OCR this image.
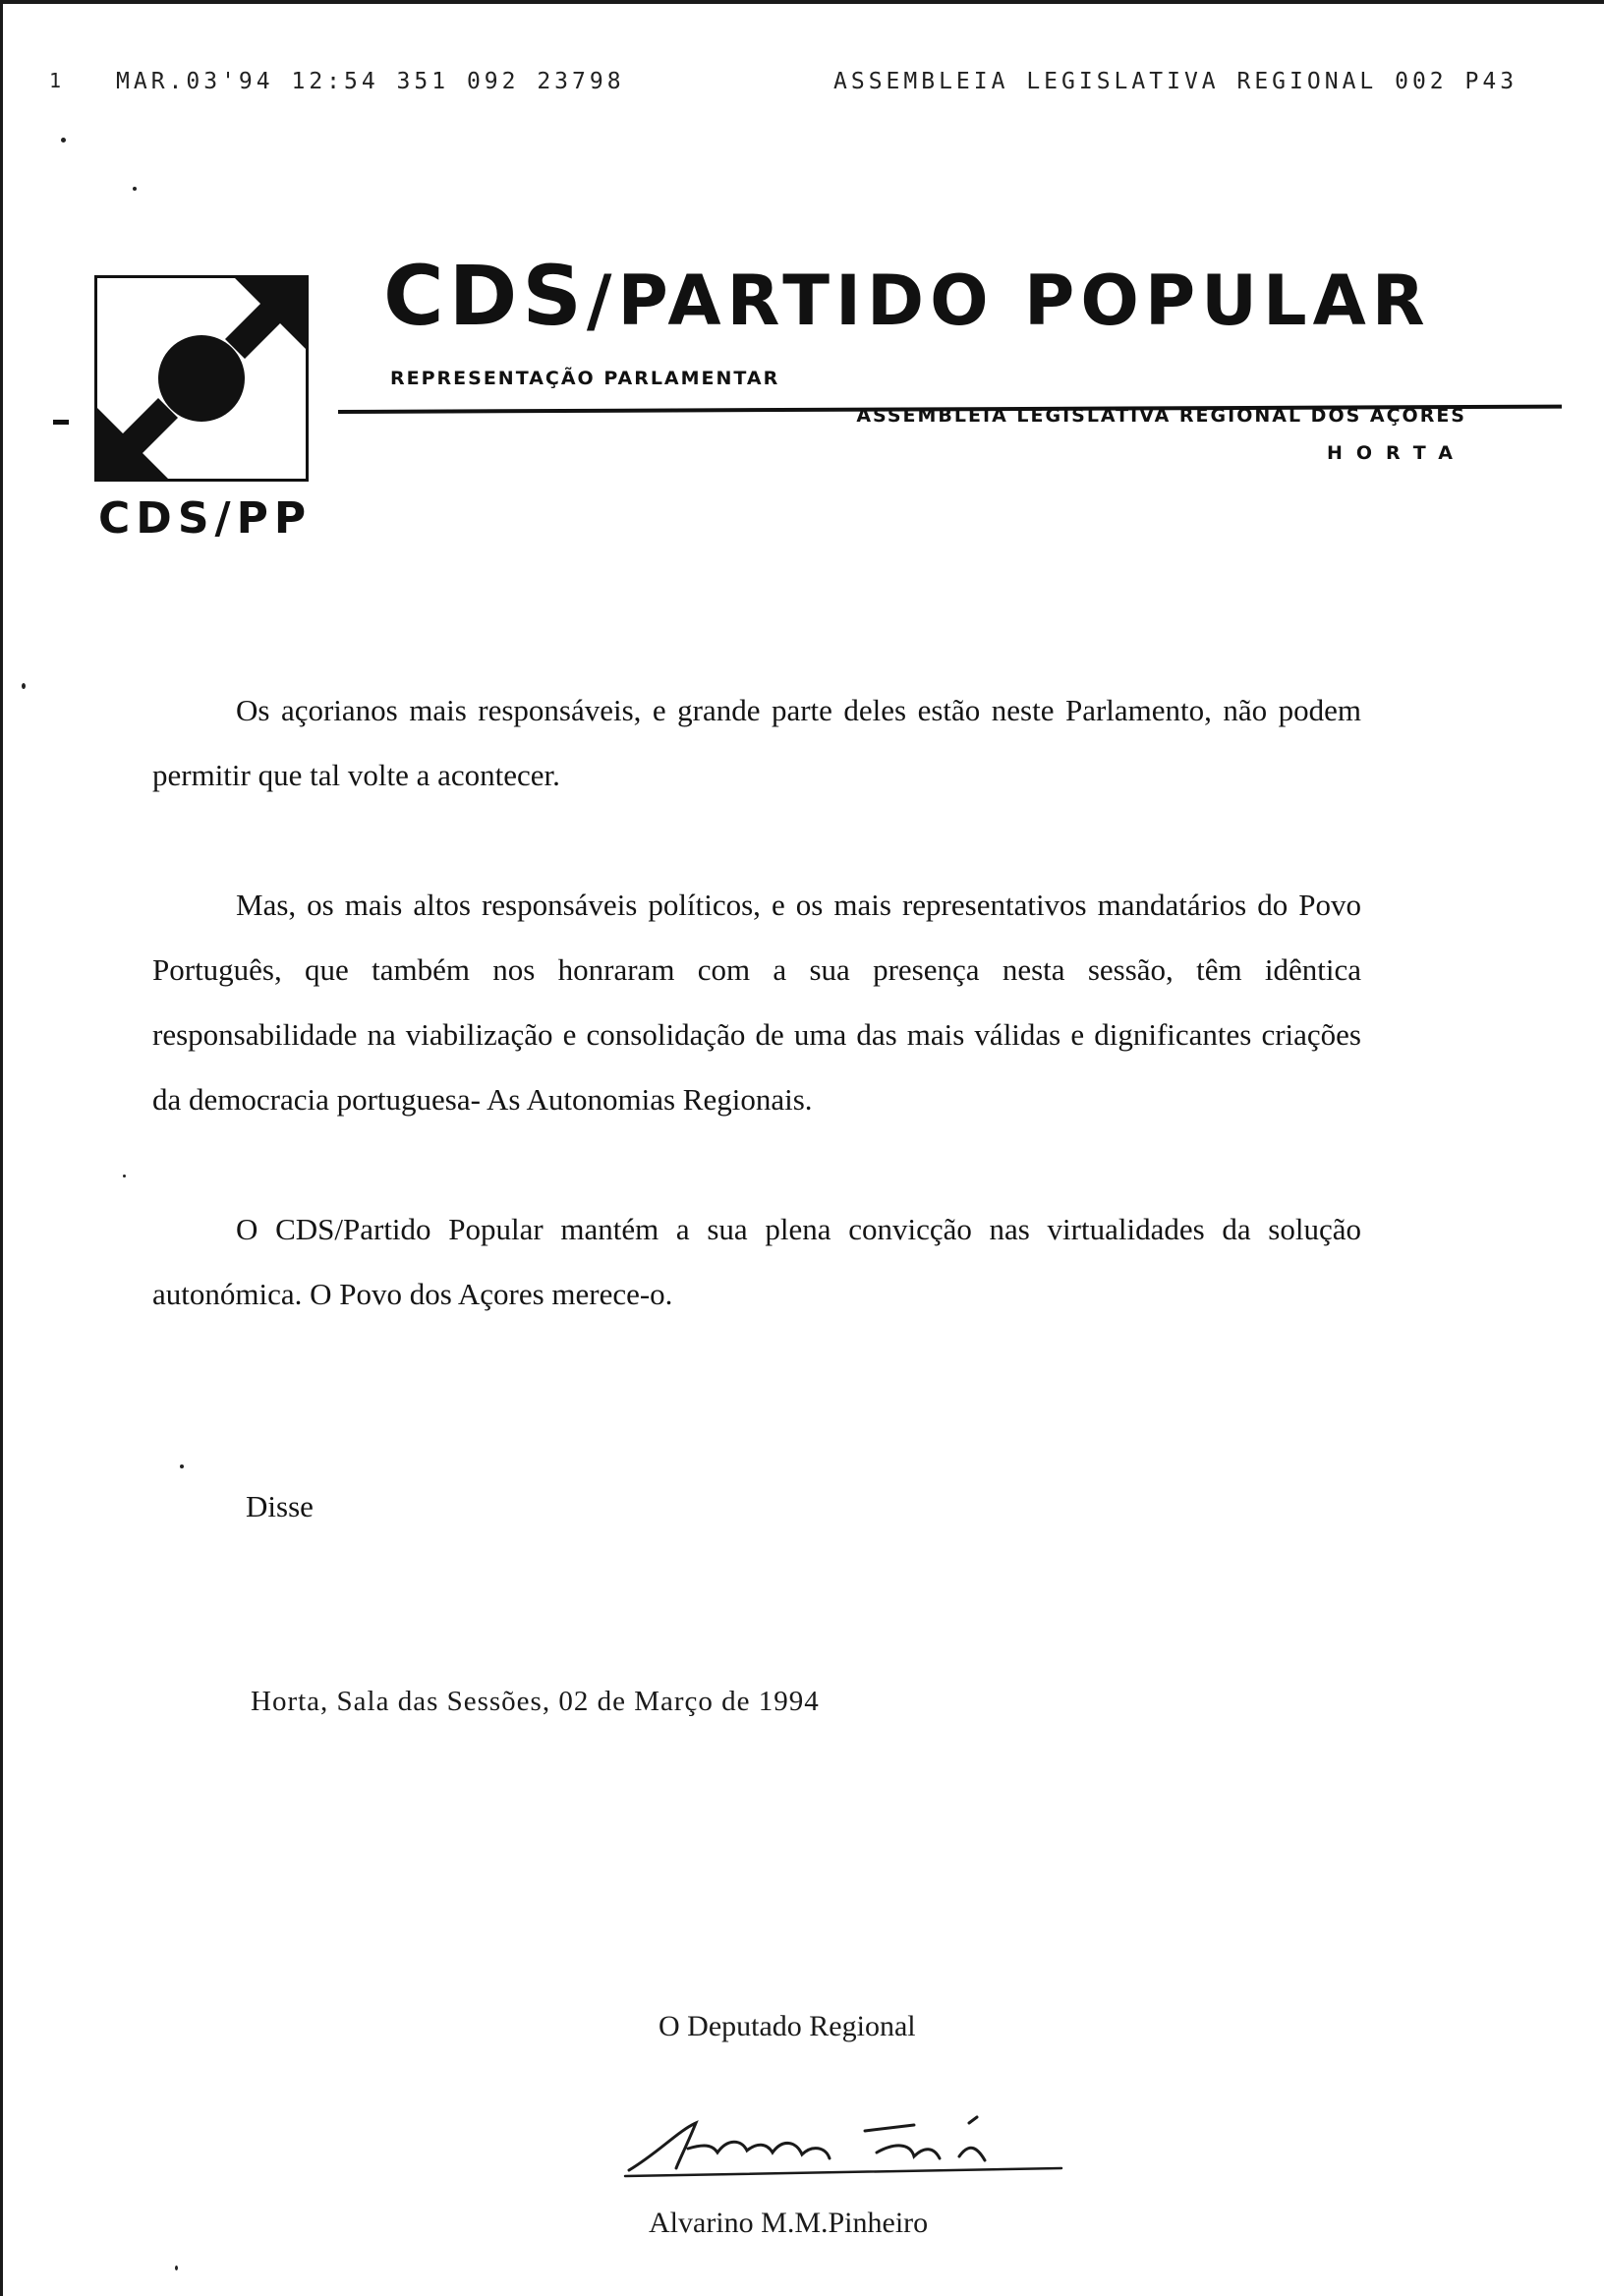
1 MAR.03'94 12:54 351 092 23798	ASSEMBLEIA LEGISLATIVA REGIONAL 002 P43
CDS/PP
CDS/PARTIDO POPULAR
REPRESENTAÇÃO PARLAMENTAR
ASSEMBLEIA LEGISLATIVA REGIONAL DOS AÇORES
HORTA

Os açorianos mais responsáveis, e grande parte deles estão neste Parlamento, não podem permitir que tal volte a acontecer.

Mas, os mais altos responsáveis políticos, e os mais representativos mandatários do Povo Português, que também nos honraram com a sua presença nesta sessão, têm idêntica responsabilidade na viabilização e consolidação de uma das mais válidas e dignificantes criações da democracia portuguesa- As Autonomias Regionais.

O CDS/Partido Popular mantém a sua plena convicção nas virtualidades da solução autonómica. O Povo dos Açores merece-o.

Disse
Horta, Sala das Sessões, 02 de Março de 1994
O Deputado Regional
Alvarino M.M.Pinheiro
